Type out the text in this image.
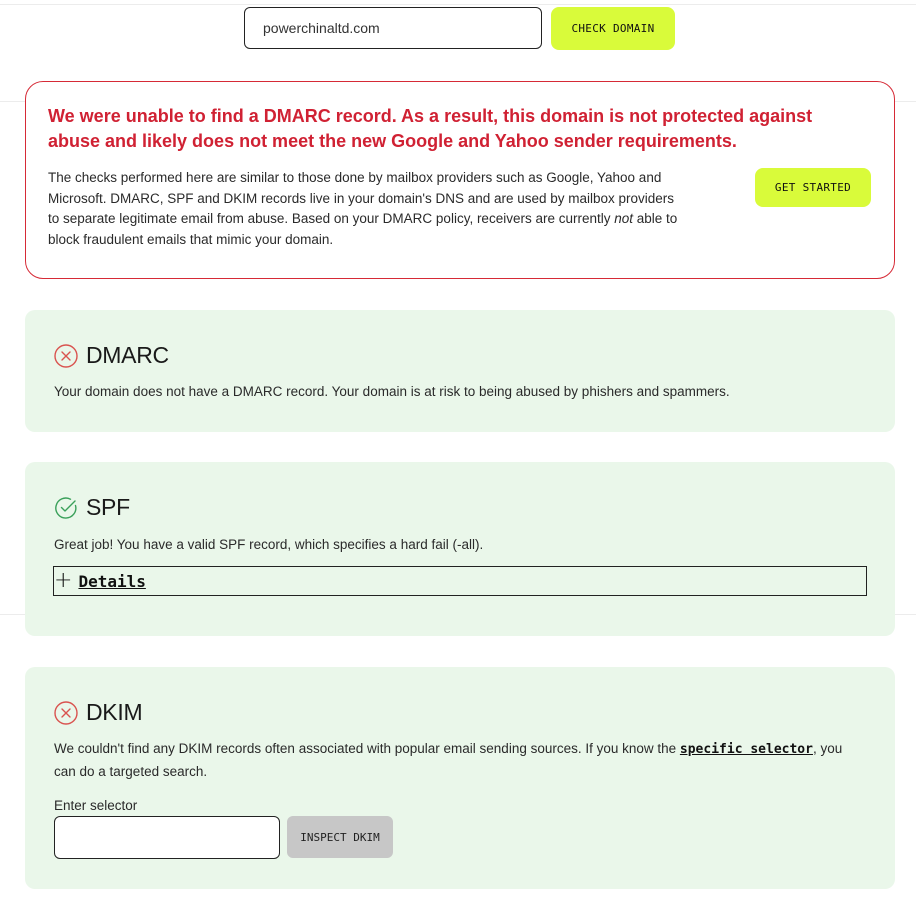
powerchinaltd.com
CHECK DOMAIN

We were unable to find a DMARC record. As a result, this domain is not protected against abuse and likely does not meet the new Google and Yahoo sender requirements.

The checks performed here are similar to those done by mailbox providers such as Google, Yahoo and Microsoft. DMARC, SPF and DKIM records live in your domain's DNS and are used by mailbox providers to separate legitimate email from abuse. Based on your DMARC policy, receivers are currently not able to block fraudulent emails that mimic your domain.

GET STARTED
DMARC

Your domain does not have a DMARC record. Your domain is at risk to being abused by phishers and spammers.

SPF

Great job! You have a valid SPF record, which specifies a hard fail (-all).

+ Details
DKIM

We couldn't find any DKIM records often associated with popular email sending sources. If you know the specific selector, you can do a targeted search.

Enter selector
INSPECT DKIM
